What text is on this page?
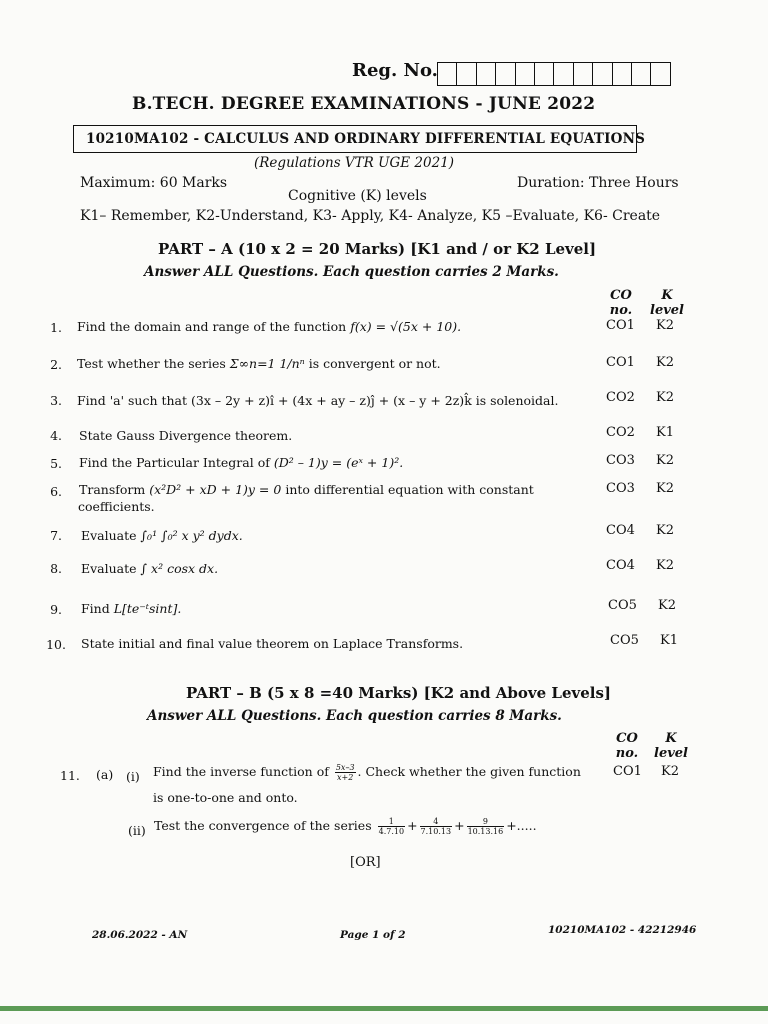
Reg. No.
B.TECH. DEGREE EXAMINATIONS - JUNE 2022
10210MA102 - CALCULUS AND ORDINARY DIFFERENTIAL EQUATIONS
(Regulations VTR UGE 2021)
Maximum: 60 Marks	Duration: Three Hours
Cognitive (K) levels
K1– Remember, K2-Understand, K3- Apply, K4- Analyze, K5 –Evaluate, K6- Create
PART – A (10 x 2 = 20 Marks) [K1 and / or K2 Level]
Answer ALL Questions. Each question carries 2 Marks.
CO
no.
K
level
1. Find the domain and range of the function f(x) = √(5x + 10).	CO1 K2
2. Test whether the series Σ∞n=1 1/nⁿ is convergent or not.	CO1 K2
3. Find 'a' such that (3x – 2y + z)î + (4x + ay – z)ĵ + (x – y + 2z)k̂ is solenoidal.	CO2 K2
4. State Gauss Divergence theorem.	CO2 K1
5. Find the Particular Integral of (D² – 1)y = (eˣ + 1)².	CO3 K2
6. Transform (x²D² + xD + 1)y = 0 into differential equation with constant
coefficients.
CO3 K2
7. Evaluate ∫₀¹ ∫₀² x y² dydx.	CO4 K2
8. Evaluate ∫ x² cosx dx.	CO4 K2
9. Find L[te⁻ᵗsint].	CO5 K2
10. State initial and final value theorem on Laplace Transforms.	CO5 K1
PART – B (5 x 8 =40 Marks) [K2 and Above Levels]
Answer ALL Questions. Each question carries 8 Marks.
CO
no.
K
level
11. (a) (i) Find the inverse function of $\frac{5x-3}{x+2}$ . Check whether the given function
is one-to-one and onto.
CO1 K2
(ii) Test the convergence of the series $\frac{1}{4.7.10} + \frac{4}{7.10.13} + \frac{9}{10.13.16}$ +.....
[OR]
28.06.2022 - AN	Page 1 of 2	10210MA102 - 42212946
